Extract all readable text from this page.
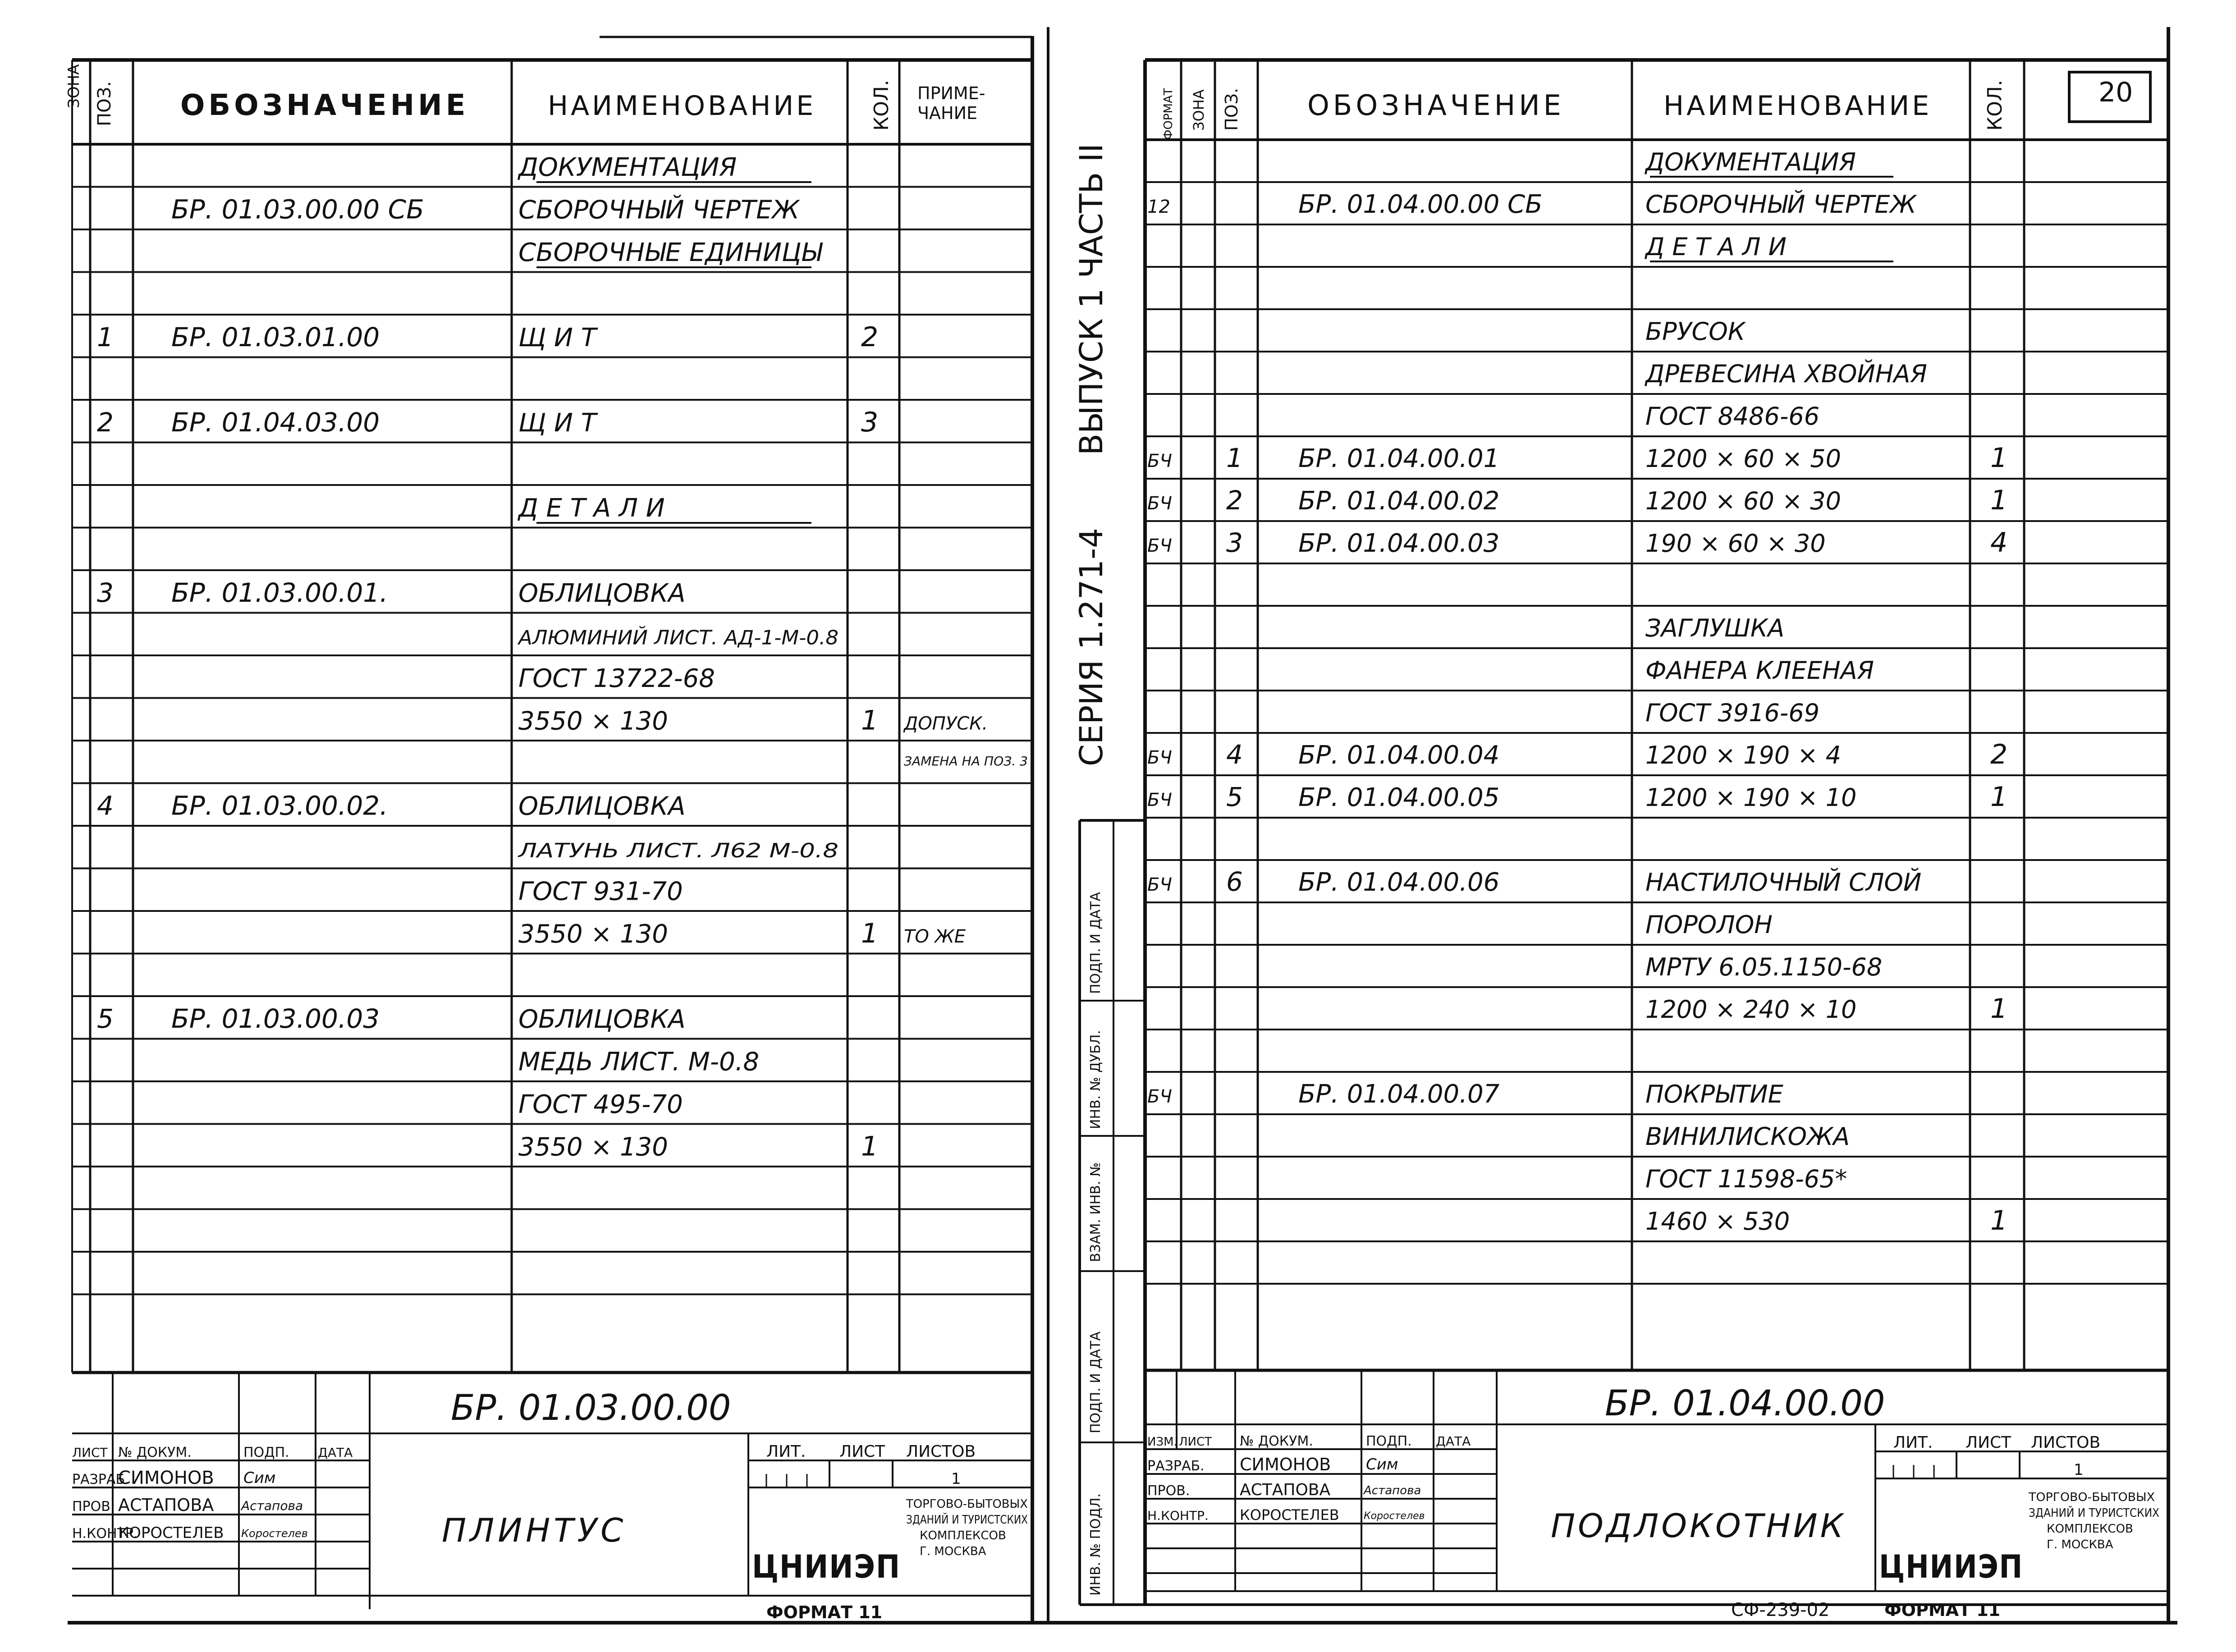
ДОКУМЕНТАЦИЯ
БР. 01.03.00.00 СБ	СБОРОЧНЫЙ ЧЕРТЕЖ
СБОРОЧНЫЕ ЕДИНИЦЫ
1 БР. 01.03.01.00	Щ И Т	2
2 БР. 01.04.03.00	Щ И Т	3
Д Е Т А Л И
3 БР. 01.03.00.01.	ОБЛИЦОВКА
АЛЮМИНИЙ ЛИСТ. АД-1-М-0.8
ГОСТ 13722-68
3550 × 130	1 ДОПУСК.
ЗАМЕНА НА ПОЗ. 3
4 БР. 01.03.00.02.	ОБЛИЦОВКА
ЛАТУНЬ ЛИСТ. Л62 М-0.8
ГОСТ 931-70
3550 × 130	1 ТО ЖЕ
5 БР. 01.03.00.03	ОБЛИЦОВКА
МЕДЬ ЛИСТ. М-0.8
ГОСТ 495-70
3550 × 130	1
ДОКУМЕНТАЦИЯ
12	БР. 01.04.00.00 СБ	СБОРОЧНЫЙ ЧЕРТЕЖ
Д Е Т А Л И
БРУСОК
ДРЕВЕСИНА ХВОЙНАЯ
ГОСТ 8486-66
БЧ 1 БР. 01.04.00.01	1200 × 60 × 50	1
БЧ 2 БР. 01.04.00.02	1200 × 60 × 30	1
БЧ 3 БР. 01.04.00.03	190 × 60 × 30	4
ЗАГЛУШКА
ФАНЕРА КЛЕЕНАЯ
ГОСТ 3916-69
БЧ 4 БР. 01.04.00.04	1200 × 190 × 4	2
БЧ 5 БР. 01.04.00.05	1200 × 190 × 10	1
БЧ 6 БР. 01.04.00.06	НАСТИЛОЧНЫЙ СЛОЙ
ПОРОЛОН
МРТУ 6.05.1150-68
1200 × 240 × 10	1
БЧ	БР. 01.04.00.07	ПОКРЫТИЕ
ВИНИЛИСКОЖА
ГОСТ 11598-65*
1460 × 530	1
ЗОНА ПОЗ. ОБОЗНАЧЕНИЕ	НАИМЕНОВАНИЕ	КОЛ. ПРИМЕ-ЧАНИЕ
20
ФОРМАТ ЗОНА ПОЗ. ОБОЗНАЧЕНИЕ	НАИМЕНОВАНИЕ	КОЛ.
СЕРИЯ 1.271-4
ВЫПУСК 1 ЧАСТЬ II
ИНВ. № ПОДЛ.
ПОДП. И ДАТА
ВЗАМ. ИНВ. №
ИНВ. № ДУБЛ.
ПОДП. И ДАТА
БР. 01.03.00.00
ПЛИНТУС
ЛИСТ № ДОКУМ.	ПОДП. ДАТА
РАЗРАБ.
СИМОНОВ Сим
ПРОВ. АСТАПОВА Астапова
Н.КОНТР.
КОРОСТЕЛЕВ Коростелев
ЛИТ. ЛИСТ ЛИСТОВ
1
ЦНИИЭП
ТОРГОВО-БЫТОВЫХ
ЗДАНИЙ И ТУРИСТСКИХ
КОМПЛЕКСОВ
Г. МОСКВА
ФОРМАТ 11
БР. 01.04.00.00
ПОДЛОКОТНИК
ИЗМ. ЛИСТ № ДОКУМ.	ПОДП. ДАТА
РАЗРАБ. СИМОНОВ Сим
ПРОВ.	АСТАПОВА	Астапова
Н.КОНТР. КОРОСТЕЛЕВ Коростелев
ЛИТ. ЛИСТ ЛИСТОВ
1
ЦНИИЭП
ТОРГОВО-БЫТОВЫХ
ЗДАНИЙ И ТУРИСТСКИХ
КОМПЛЕКСОВ
Г. МОСКВА
СФ-239-02	ФОРМАТ 11
